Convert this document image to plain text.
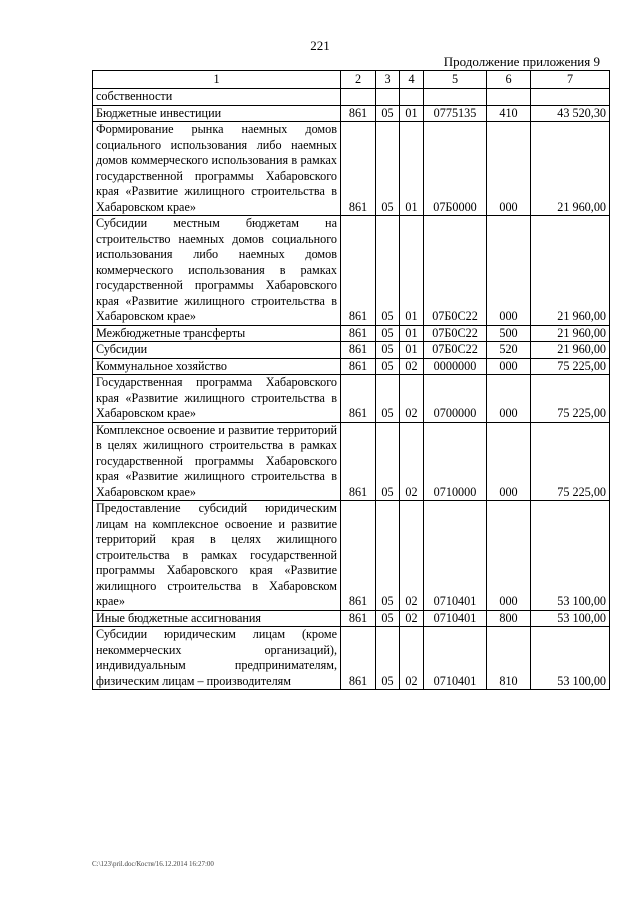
221
Продолжение приложения 9
1	2	3	4	5	6	7
собственности						
Бюджетные инвестиции	861	05	01	0775135	410	43 520,30
Формирование рынка наемных домов социального использования либо наемных домов коммерческого использования в рамках государственной программы Хабаровского края «Развитие жилищного строительства в Хабаровском крае»	861	05	01	07Б0000	000	21 960,00
Субсидии местным бюджетам на строительство наемных домов социального использования либо наемных домов коммерческого использования в рамках государственной программы Хабаровского края «Развитие жилищного строительства в Хабаровском крае»	861	05	01	07Б0С22	000	21 960,00
Межбюджетные трансферты	861	05	01	07Б0С22	500	21 960,00
Субсидии	861	05	01	07Б0С22	520	21 960,00
Коммунальное хозяйство	861	05	02	0000000	000	75 225,00
Государственная программа Хабаровского края «Развитие жилищного строительства в Хабаровском крае»	861	05	02	0700000	000	75 225,00
Комплексное освоение и развитие территорий в целях жилищного строительства в рамках государственной программы Хабаровского края «Развитие жилищного строительства в Хабаровском крае»	861	05	02	0710000	000	75 225,00
Предоставление субсидий юридическим лицам на комплексное освоение и развитие территорий края в целях жилищного строительства в рамках государственной программы Хабаровского края «Развитие жилищного строительства в Хабаровском крае»	861	05	02	0710401	000	53 100,00
Иные бюджетные ассигнования	861	05	02	0710401	800	53 100,00
Субсидии юридическим лицам (кроме некоммерческих организаций), индивидуальным предпринимателям, физическим лицам – производителям	861	05	02	0710401	810	53 100,00
C:\123\pril.doc/Костя/16.12.2014 16:27:00
